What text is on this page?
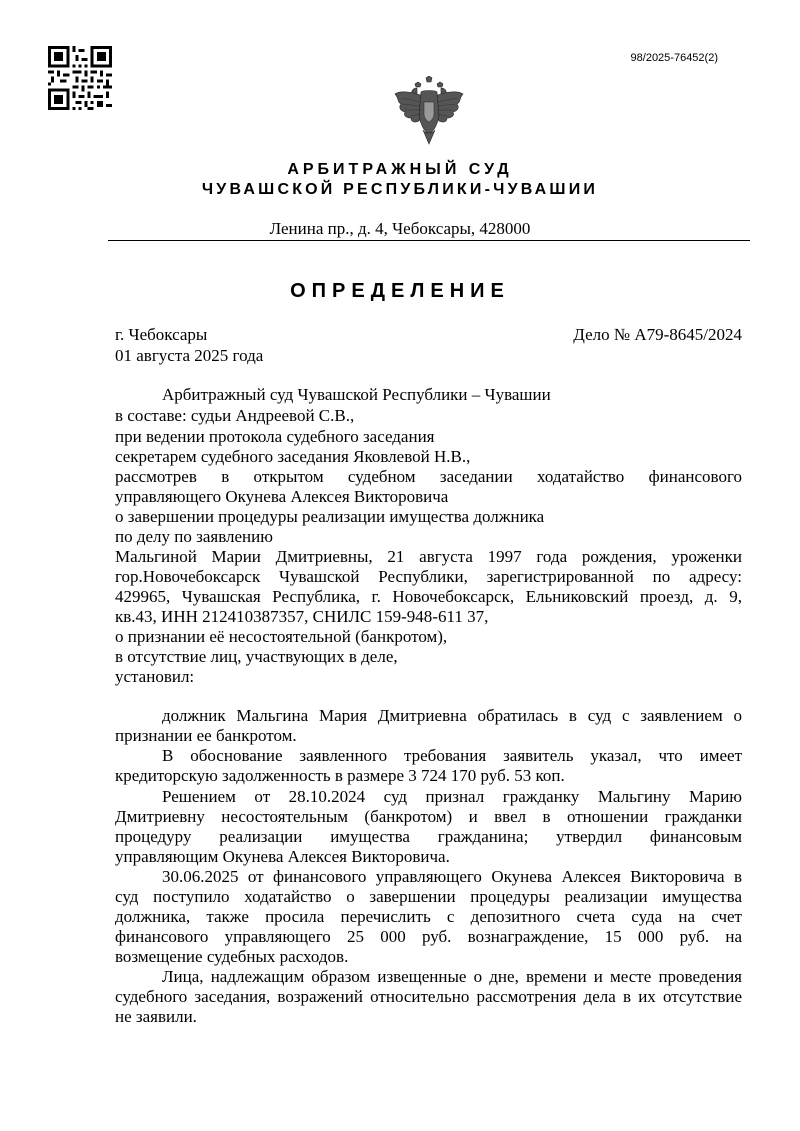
98/2025-76452(2)
АРБИТРАЖНЫЙ СУД
ЧУВАШСКОЙ РЕСПУБЛИКИ-ЧУВАШИИ
Ленина пр., д. 4, Чебоксары, 428000
ОПРЕДЕЛЕНИЕ
г. Чебоксары	Дело № А79-8645/2024
01 августа 2025 года
Арбитражный суд Чувашской Республики – Чувашии
в составе: судьи Андреевой С.В.,
при ведении протокола судебного заседания
секретарем судебного заседания Яковлевой Н.В.,
рассмотрев в открытом судебном заседании ходатайство финансового
управляющего Окунева Алексея Викторовича
о завершении процедуры реализации имущества должника
по делу по заявлению
Мальгиной Марии Дмитриевны, 21 августа 1997 года рождения, уроженки
гор.Новочебоксарск Чувашской Республики, зарегистрированной по адресу:
429965, Чувашская Республика, г. Новочебоксарск, Ельниковский проезд, д. 9,
кв.43, ИНН 212410387357, СНИЛС 159-948-611 37,
о признании её несостоятельной (банкротом),
в отсутствие лиц, участвующих в деле,
установил:
должник Мальгина Мария Дмитриевна обратилась в суд с заявлением о
признании ее банкротом.
В обоснование заявленного требования заявитель указал, что имеет
кредиторскую задолженность в размере 3 724 170 руб. 53 коп.
Решением от 28.10.2024 суд признал гражданку Мальгину Марию
Дмитриевну несостоятельным (банкротом) и ввел в отношении гражданки
процедуру реализации имущества гражданина; утвердил финансовым
управляющим Окунева Алексея Викторовича.
30.06.2025 от финансового управляющего Окунева Алексея Викторовича в
суд поступило ходатайство о завершении процедуры реализации имущества
должника, также просила перечислить с депозитного счета суда на счет
финансового управляющего 25 000 руб. вознаграждение, 15 000 руб. на
возмещение судебных расходов.
Лица, надлежащим образом извещенные о дне, времени и месте проведения
судебного заседания, возражений относительно рассмотрения дела в их отсутствие
не заявили.
